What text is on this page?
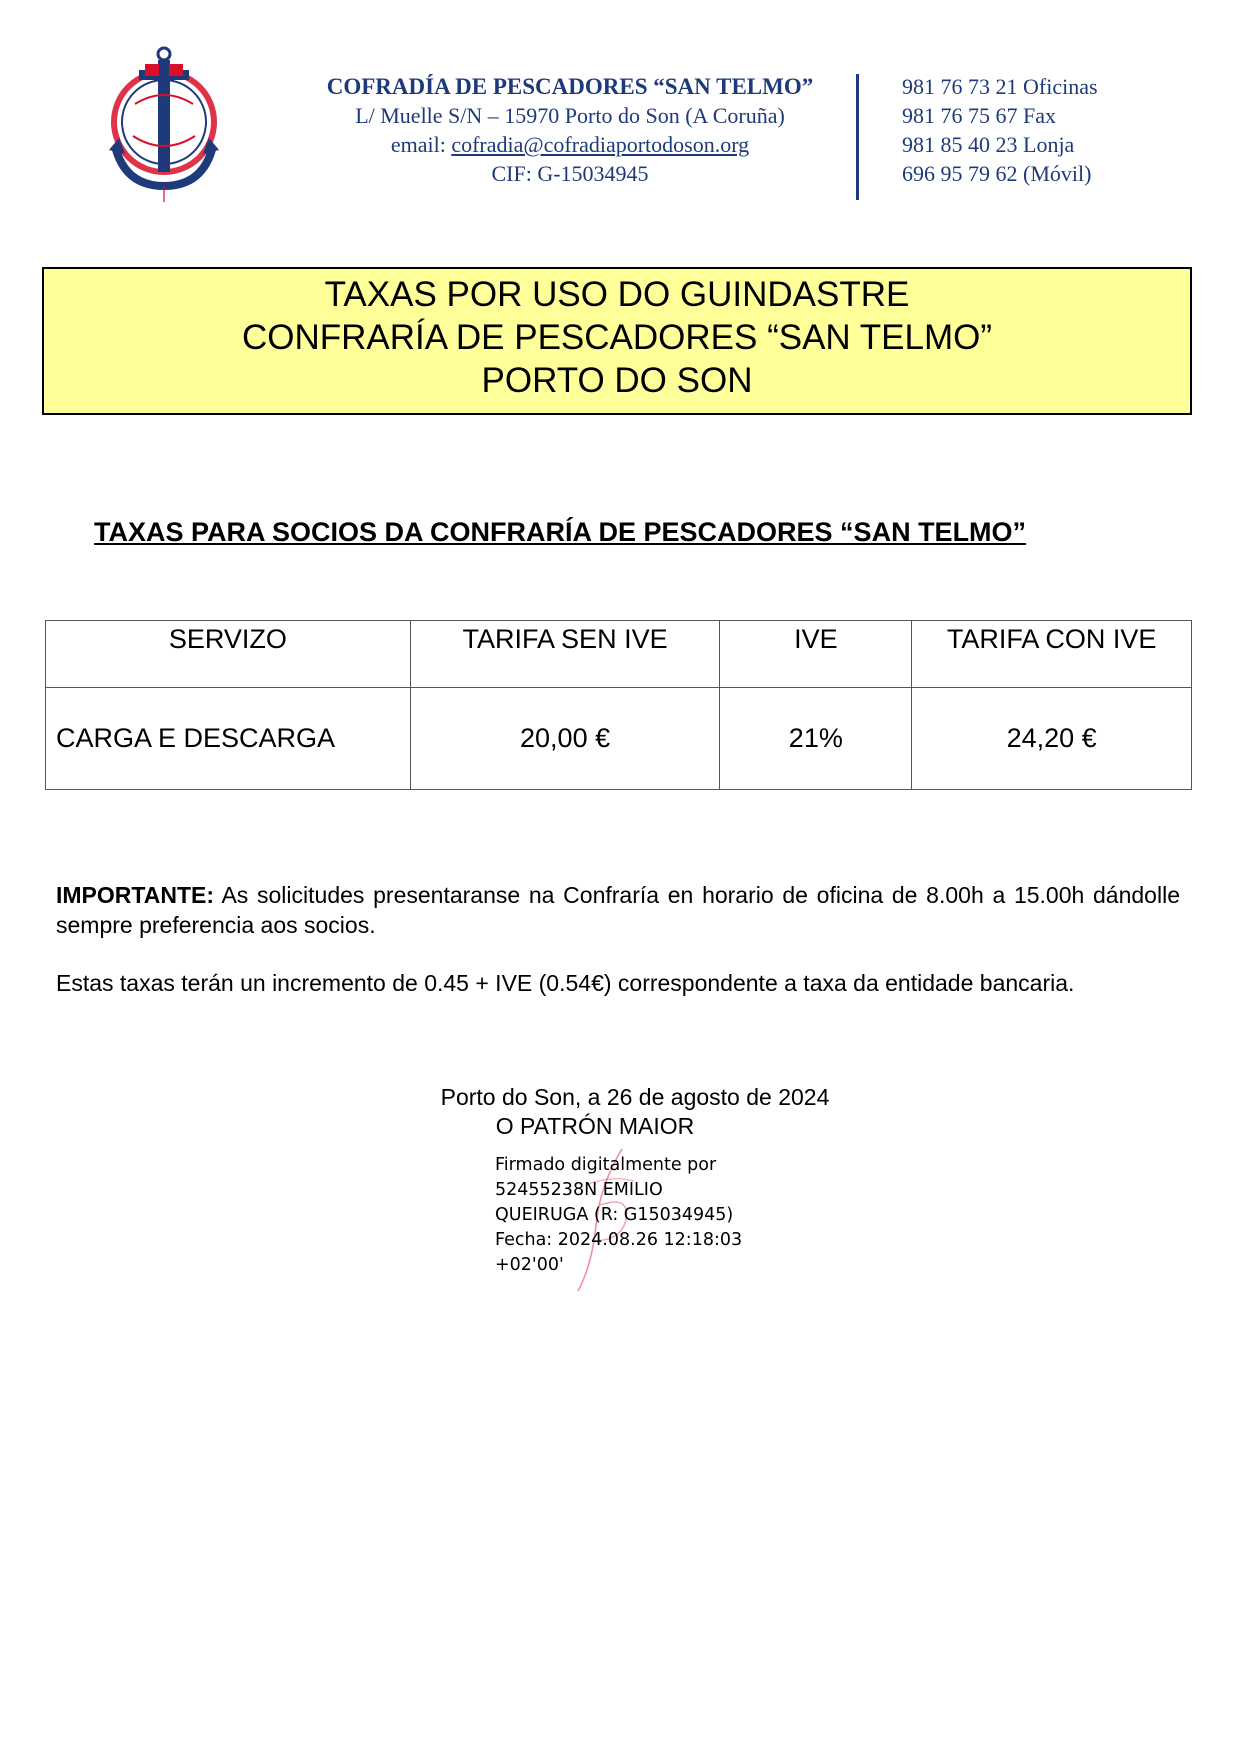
COFRADÍA DE PESCADORES “SAN TELMO”
L/ Muelle S/N – 15970 Porto do Son (A Coruña)
email: cofradia@cofradiaportodoson.org
CIF: G-15034945
981 76 73 21 Oficinas
981 76 75 67 Fax
981 85 40 23 Lonja
696 95 79 62 (Móvil)
TAXAS POR USO DO GUINDASTRE
CONFRARÍA DE PESCADORES “SAN TELMO”
PORTO DO SON
TAXAS PARA SOCIOS DA CONFRARÍA DE PESCADORES “SAN TELMO”
SERVIZO	TARIFA SEN IVE	IVE	TARIFA CON IVE
CARGA E DESCARGA	20,00 €	21%	24,20 €
IMPORTANTE: As solicitudes presentaranse na Confraría en horario de oficina de 8.00h a 15.00h dándolle sempre preferencia aos socios.
Estas taxas terán un incremento de 0.45 + IVE (0.54€) correspondente a taxa da entidade bancaria.
Porto do Son, a 26 de agosto de 2024
O PATRÓN MAIOR
Firmado digitalmente por
52455238N EMILIO
QUEIRUGA (R: G15034945)
Fecha: 2024.08.26 12:18:03
+02'00'
